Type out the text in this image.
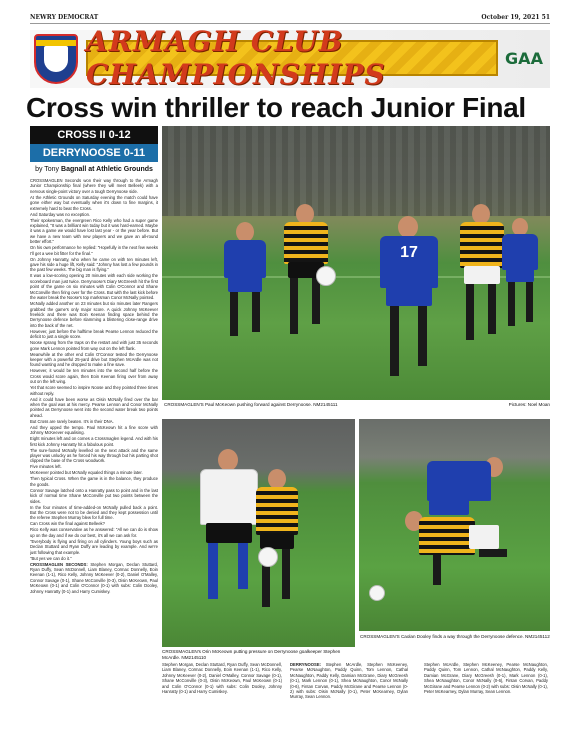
NEWRY DEMOCRAT	October 19, 2021 51
ARMAGH CLUB CHAMPIONSHIPS	GAA
Cross win thriller to reach Junior Final
CROSS II 0-12
DERRYNOOSE 0-11
by Tony Bagnall at Athletic Grounds

CROSSMAGLEN Seconds won their way through to the Armagh Junior Championship final (where they will meet Belleek) with a nervous single-point victory over a tough Derrynoose side.

At the Athletic Grounds on Saturday evening the match could have gone either way but eventually when it's down to fine margins, it extremely hard to beat the Cross.

And Saturday was no exception.

Their spokesman, the evergreen Rico Kelly who had a super game explained, "It was a brilliant win today but it was hard-earned. Maybe it was a game we would have lost last year - or the year before. But we have a new team with new players and we gave an all-round better effort."

On his own performance he replied: "Hopefully in the next few weeks I'll get a wee bit fitter for the final."

On Johnny Hanratty, who when he came on with ten minutes left, gave his side a huge lift, Kelly said: "Johnny has lost a few pounds in the past few weeks. The big man is flying."

It was a low-scoring opening 20 minutes with each side working the scoreboard man just twice. Derrynoose's Diary McGreesh hit the first point of the game on six minutes with Colin O'Connor and Shane McConville then firing over for the Cross. But with the last kick before the water break the Noose's top marksman Conor McNally pointed.

McNally added another on 23 minutes but six minutes later Rangers grabbed the game's only major score. A quick Johnny McKeever freekick and there was Eoin Keenan finding space behind the Derrynoose defence before slamming a blistering close-range drive into the back of the net.

However, just before the halftime break Pearse Lennon reduced the deficit to just a single score.

Noose sprang from the traps on the restart and with just 35 seconds gone Mark Lennon pointed from way out on the left flank.

Meanwhile at the other end Colin O'Connor tested the Derrynoose keeper with a powerful 25-yard drive but Stephen McArdle was not found wanting and he dropped to make a fine save.

However, it would be ten minutes into the second half before the Cross would score again, then Eoin Keenan firing over from away out on the left wing.

Yet that score seemed to inspire Noose and they pointed three times without reply.

And it could have been worse as Oisin McNally fired over the bar when the goal was at his mercy. Pearse Lennon and Conor McNally pointed as Derrynoose went into the second water break two points ahead.

But Cross are rarely beaten. It's in their DNA.

And they upped the tempo. Paul McKeown hit a fine score with Johnny McKeever equalising.

Eight minutes left and on comes a Crossmaglen legend. And with his first kick Johnny Hanratty hit a fabulous point.

The sure-footed McNally levelled on the next attack and the same player was unlucky as he forced his way through but his parting shot clipped the base of the Cross woodwork.

Five minutes left.

McKeever pointed but McNally equaled things a minute later.

Then typical Cross. When the game is in the balance, they produce the goods.

Connor Savage latched onto a Hanratty pass to point and in the last kick of normal time Shane McConville put two points between the sides.

In the four minutes of time-added-on McNally pulled back a point. But the Cross were not to be denied and they kept possession until the referee Stephen Murray blew for full time.

Can Cross win the final against Belleek?

Rico Kelly was conservative as he answered: "All we can do is show up on the day and if we do our best, it's all we can ask for.

"Everybody is flying and firing on all cylinders. Young boys such as Declan Stuttard and Ryan Duffy are leading by example. And we're just following that example.

"But yes we can do it."

CROSSMAGLEN SECONDS: Stephen Morgan, Declan Stuttard, Ryan Duffy, Sean McDonnell, Liam Blaney, Cormac Donnelly, Eoin Keenan (1-1), Rico Kelly, Johnny McKeever (0-2), Daniel O'Malley, Connor Savage (0-1), Shane McConville (0-3), Oisin McKeown, Paul McKeown (0-1) and Colin O'Connor (0-1) with subs: Colin Dooley, Johnny Hanratty (0-1) and Harry Cumiskey.

Stephen Morgan, Declan Stuttard, Ryan Duffy, Sean McDonnell, Liam Blaney, Cormac Donnelly, Eoin Keenan (1-1), Rico Kelly, Johnny McKeever (0-2), Daniel O'Malley, Connor Savage (0-1), Shane McConville (0-3), Oisin McKeown, Paul McKeown (0-1) and Colin O'Connor (0-1) with subs: Colin Dooley, Johnny Hanratty (0-1) and Harry Cumiskey.
DERRYNOOSE: Stephen McArdle, Stephen McKeeney, Pearse McNaughton, Paddy Quinn, Tom Lennon, Cathal McNaughton, Paddy Kelly, Damian McGrane, Diary McGreesh (0-1), Mark Lennon (0-1), Shea McNaughton, Conor McNally (0-6), Fintan Corvan, Paddy McGirane and Pearse Lennon (0-2) with subs: Oisin McNally (0-1), Peter McKearney, Dylan Murray, Sean Lennon.
Stephen McArdle, Stephen McKeeney, Pearse McNaughton, Paddy Quinn, Tom Lennon, Cathal McNaughton, Paddy Kelly, Damian McGrane, Diary McGreesh (0-1), Mark Lennon (0-1), Shea McNaughton, Conor McNally (0-6), Fintan Corvan, Paddy McGirane and Pearse Lennon (0-2) with subs: Oisin McNally (0-1), Peter McKearney, Dylan Murray, Sean Lennon.
17
CROSSMAGLEN'S Paul McKeown pushing forward against Derrynoose. NM2145111	Pictures: Noel Moan
CROSSMAGLEN's Orin McKeown putting pressure on Derrynoose goalkeeper Stephen McArdle. NM2145110
CROSSMAGLEN'S Caolan Dooley finds a way through the Derrynoose defence. NM2145112
